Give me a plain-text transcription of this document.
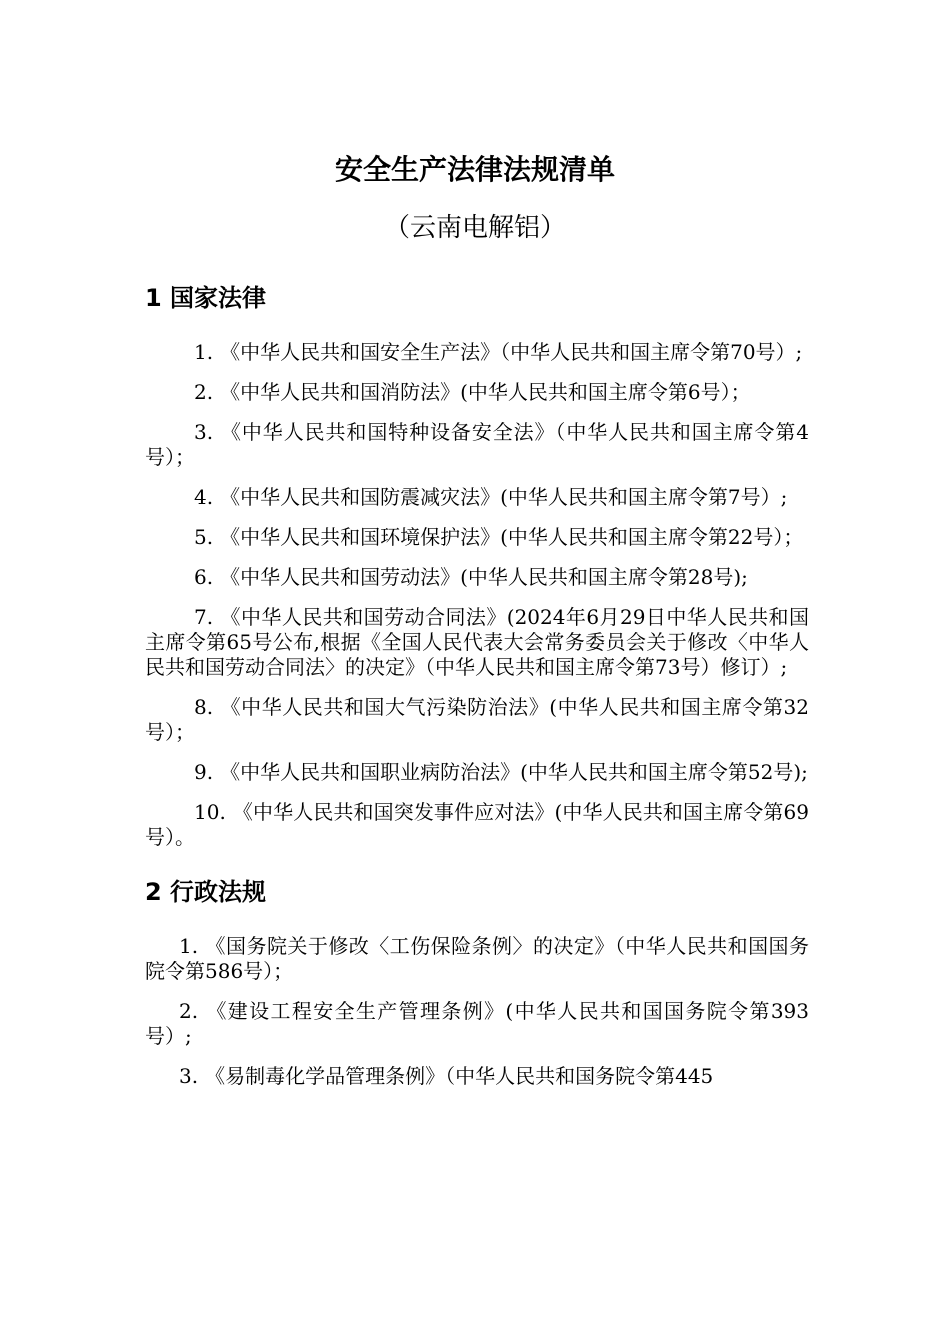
安全生产法律法规清单
（云南电解铝）
1 国家法律

1. 《中华人民共和国安全生产法》（中华人民共和国主席令第70号）;

2. 《中华人民共和国消防法》(中华人民共和国主席令第6号）；

3. 《中华人民共和国特种设备安全法》（中华人民共和国主席令第4号）；

4. 《中华人民共和国防震减灾法》(中华人民共和国主席令第7号）;

5. 《中华人民共和国环境保护法》(中华人民共和国主席令第22号）；

6. 《中华人民共和国劳动法》(中华人民共和国主席令第28号);

7. 《中华人民共和国劳动合同法》(2024年6月29日中华人民共和国主席令第65号公布,根据《全国人民代表大会常务委员会关于修改〈中华人民共和国劳动合同法〉的决定》（中华人民共和国主席令第73号）修订）;

8. 《中华人民共和国大气污染防治法》(中华人民共和国主席令第32号）；

9. 《中华人民共和国职业病防治法》(中华人民共和国主席令第52号);

10. 《中华人民共和国突发事件应对法》(中华人民共和国主席令第69号）。

2 行政法规

1. 《国务院关于修改〈工伤保险条例〉的决定》（中华人民共和国国务院令第586号）；

2. 《建设工程安全生产管理条例》(中华人民共和国国务院令第393号）;

3. 《易制毒化学品管理条例》（中华人民共和国务院令第445
